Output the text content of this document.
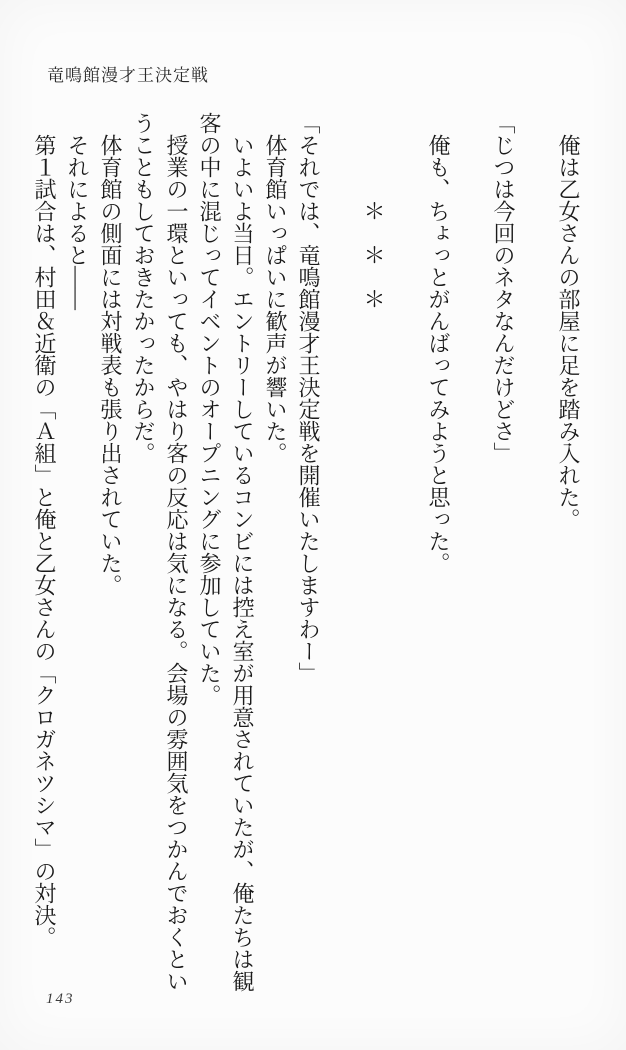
竜鳴館漫才王決定戦

　俺は乙女さんの部屋に足を踏み入れた。

「じつは今回のネタなんだけどさ」

　俺も、ちょっとがんばってみようと思った。

　　　　＊　＊　＊

「それでは、竜鳴館漫才王決定戦を開催いたしますわー」

　体育館いっぱいに歓声が響いた。

　いよいよ当日。エントリーしているコンビには控え室が用意されていたが、俺たちは観客の中に混じってイベントのオープニングに参加していた。

　授業の一環といっても、やはり客の反応は気になる。会場の雰囲気をつかんでおくということもしておきたかったからだ。

　体育館の側面には対戦表も張り出されていた。

　それによると――

　第１試合は、村田＆近衛の「Ａ組」と俺と乙女さんの「クロガネツシマ」の対決。

143
